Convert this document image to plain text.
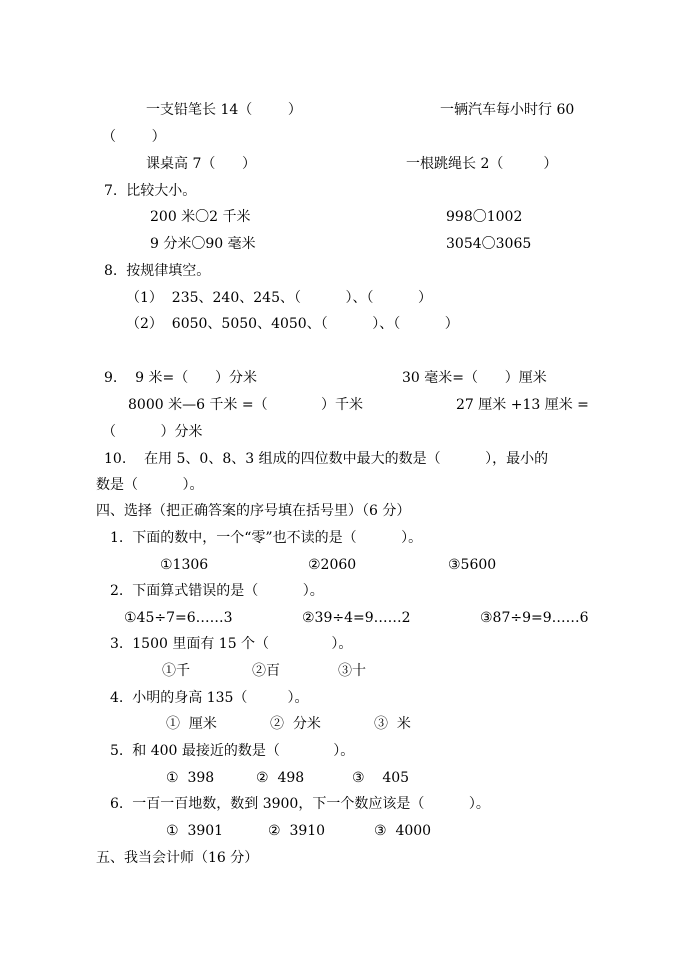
一支铅笔长 14（        ）	一辆汽车每小时行 60
（        ）
课桌高 7（      ）	一根跳绳长 2（         ）
7.  比较大小。
200 米〇2 千米	998〇1002
9 分米〇90 毫米	3054〇3065
8.  按规律填空。
（1）  235、240、245、（          ）、（          ）
（2）  6050、5050、4050、（          ）、（          ）
9.    9 米=（      ）分米	30 毫米=（      ）厘米
8000 米—6 千米 =（            ）千米	27 厘米 +13 厘米 =
（          ）分米
10.    在用 5、0、8、3 组成的四位数中最大的数是（          ），最小的
数是（          ）。
四、选择（把正确答案的序号填在括号里）（6 分）
1.  下面的数中，一个“零”也不读的是（          ）。
①1306	②2060	③5600
2.  下面算式错误的是（          ）。
①45÷7=6……3	②39÷4=9……2	③87÷9=9……6
3.  1500 里面有 15 个（              ）。
①千	②百	③十
4.  小明的身高 135（         ）。
①  厘米	②  分米	③  米
5.  和 400 最接近的数是（            ）。
①  398	②  498	③    405
6.  一百一百地数，数到 3900，下一个数应该是（          ）。
①  3901	②  3910	③  4000
五、我当会计师（16 分）
